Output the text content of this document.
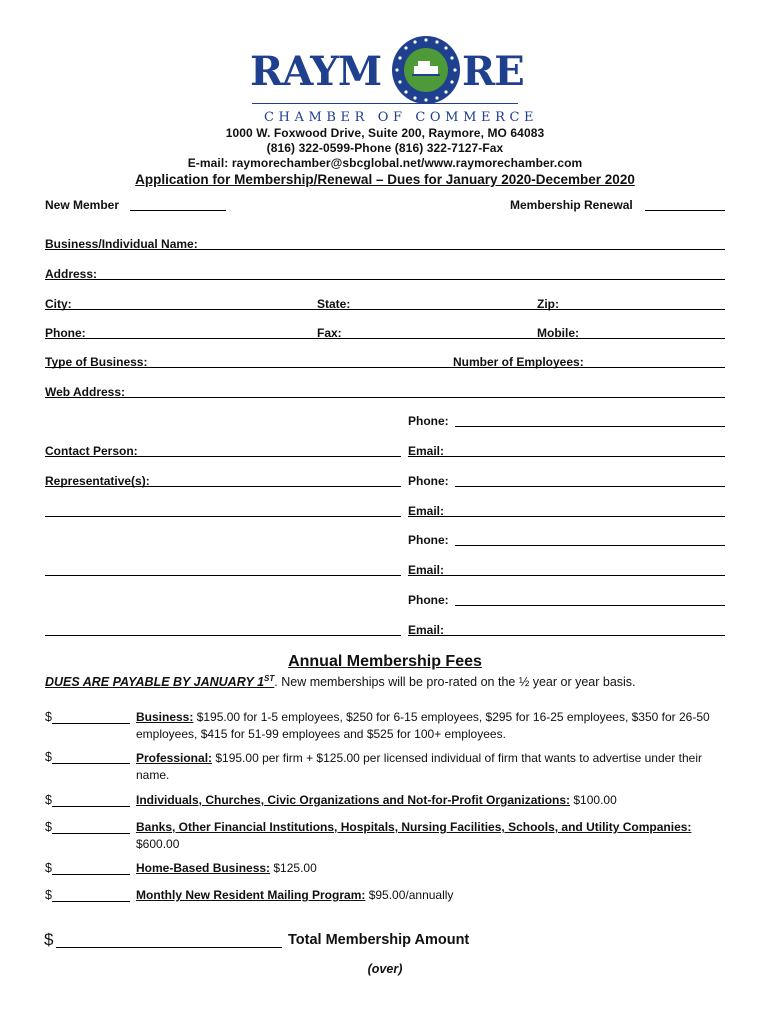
RAYM RE
CHAMBER OF COMMERCE
1000 W. Foxwood Drive, Suite 200, Raymore, MO 64083
(816) 322-0599-Phone (816) 322-7127-Fax
E-mail: raymorechamber@sbcglobal.net/www.raymorechamber.com
Application for Membership/Renewal – Dues for January 2020-December 2020
New Member	Membership Renewal
Business/Individual Name:
Address:
City:	State:	Zip:
Phone:	Fax:	Mobile:
Type of Business:	Number of Employees:
Web Address:
Phone:
Contact Person:	Email:
Representative(s):	Phone:
Email:
Phone:
Email:
Phone:
Email:
Annual Membership Fees
DUES ARE PAYABLE BY JANUARY 1ST. New memberships will be pro-rated on the ½ year or year basis.
$	Business: $195.00 for 1-5 employees, $250 for 6-15 employees, $295 for 16-25 employees, $350 for 26-50 employees, $415 for 51-99 employees and $525 for 100+ employees.
$	Professional: $195.00 per firm + $125.00 per licensed individual of firm that wants to advertise under their name.
$	Individuals, Churches, Civic Organizations and Not-for-Profit Organizations: $100.00
$	Banks, Other Financial Institutions, Hospitals, Nursing Facilities, Schools, and Utility Companies: $600.00
$	Home-Based Business: $125.00
$	Monthly New Resident Mailing Program: $95.00/annually
$	Total Membership Amount
(over)
